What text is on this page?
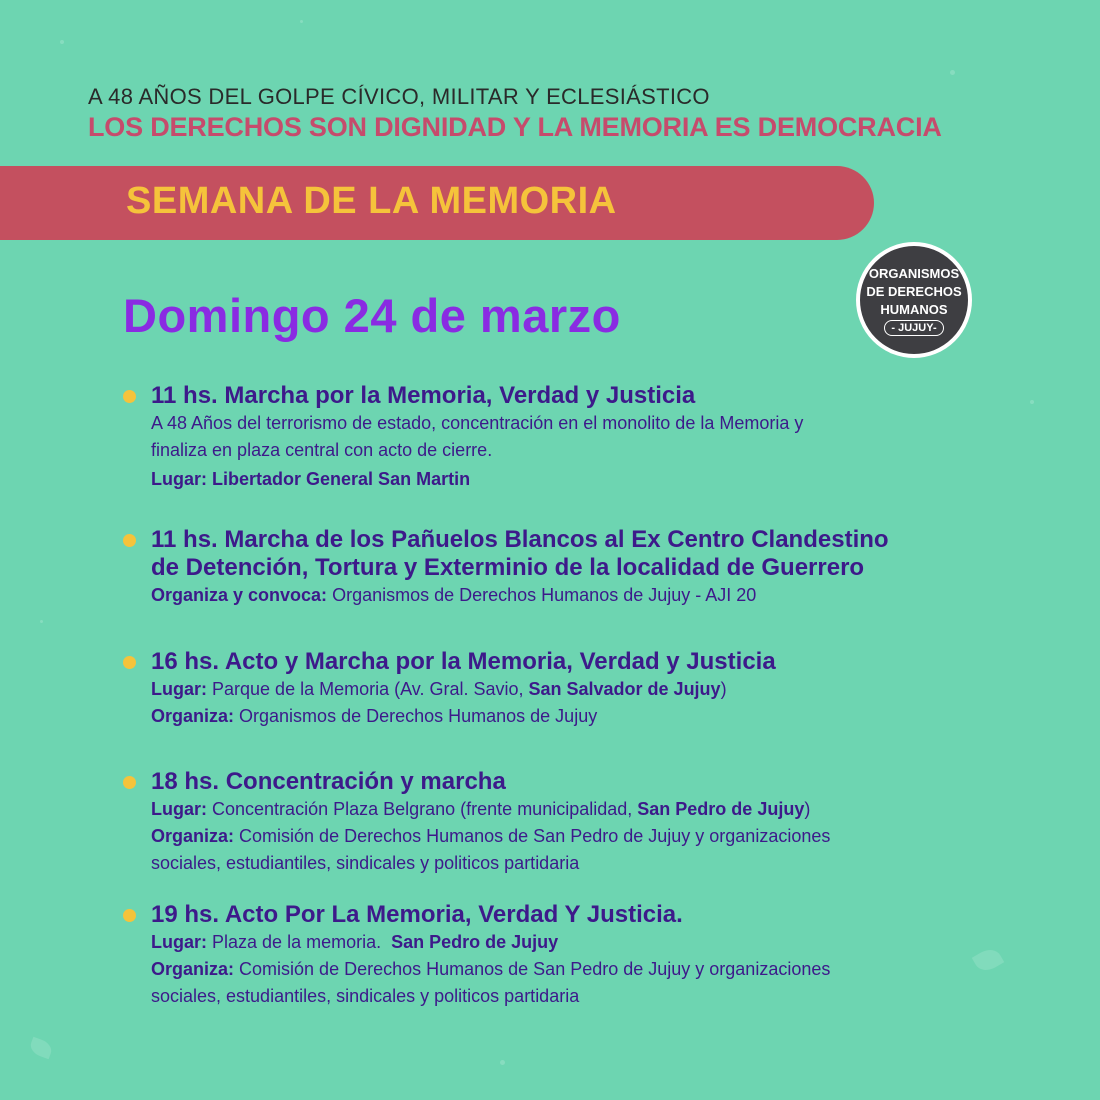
A 48 AÑOS DEL GOLPE CÍVICO, MILITAR Y ECLESIÁSTICO
LOS DERECHOS SON DIGNIDAD Y LA MEMORIA ES DEMOCRACIA
SEMANA DE LA MEMORIA
Domingo 24 de marzo
ORGANISMOS
DE DERECHOS
HUMANOS
- JUJUY-
11 hs. Marcha por la Memoria, Verdad y Justicia
A 48 Años del terrorismo de estado, concentración en el monolito de la Memoria y
finaliza en plaza central con acto de cierre.
Lugar: Libertador General San Martin
11 hs. Marcha de los Pañuelos Blancos al Ex Centro Clandestino
de Detención, Tortura y Exterminio de la localidad de Guerrero
Organiza y convoca: Organismos de Derechos Humanos de Jujuy - AJI 20
16 hs. Acto y Marcha por la Memoria, Verdad y Justicia
Lugar: Parque de la Memoria (Av. Gral. Savio, San Salvador de Jujuy)
Organiza: Organismos de Derechos Humanos de Jujuy
18 hs. Concentración y marcha
Lugar: Concentración Plaza Belgrano (frente municipalidad, San Pedro de Jujuy)
Organiza: Comisión de Derechos Humanos de San Pedro de Jujuy y organizaciones
sociales, estudiantiles, sindicales y politicos partidaria
19 hs. Acto Por La Memoria, Verdad Y Justicia.
Lugar: Plaza de la memoria. San Pedro de Jujuy
Organiza: Comisión de Derechos Humanos de San Pedro de Jujuy y organizaciones
sociales, estudiantiles, sindicales y politicos partidaria
